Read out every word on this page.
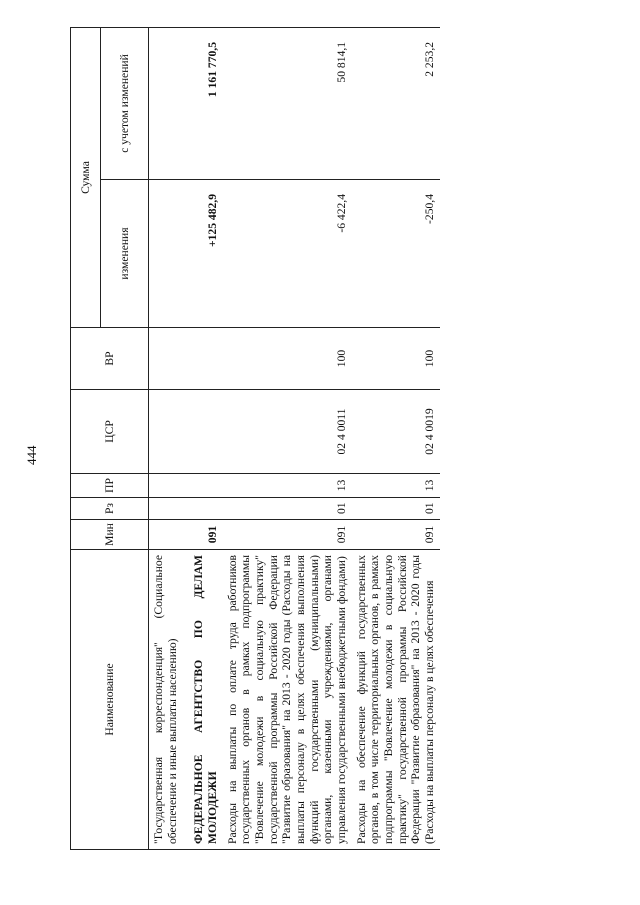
444
Наименование	Мин	Рз	ПР	ЦСР	ВР	Сумма	
						изменения	с учетом изменений
"Государственная корреспонденция" (Социальное обеспечение и иные выплаты населению)							
ФЕДЕРАЛЬНОЕ АГЕНТСТВО ПО ДЕЛАМ МОЛОДЕЖИ	091					+125 482,9	1 161 770,5
Расходы на выплаты по оплате труда работников государственных органов в рамках подпрограммы "Вовлечение молодежи в социальную практику" государственной программы Российской Федерации "Развитие образования" на 2013 - 2020 годы (Расходы на выплаты персоналу в целях обеспечения выполнения функций государственными (муниципальными) органами, казенными учреждениями, органами управления государственными внебюджетными фондами)	091	01	13	02 4 0011	100	-6 422,4	50 814,1
Расходы на обеспечение функций государственных органов, в том числе территориальных органов, в рамках подпрограммы "Вовлечение молодежи в социальную практику" государственной программы Российской Федерации "Развитие образования" на 2013 - 2020 годы (Расходы на выплаты персоналу в целях обеспечения	091	01	13	02 4 0019	100	-250,4	2 253,2
